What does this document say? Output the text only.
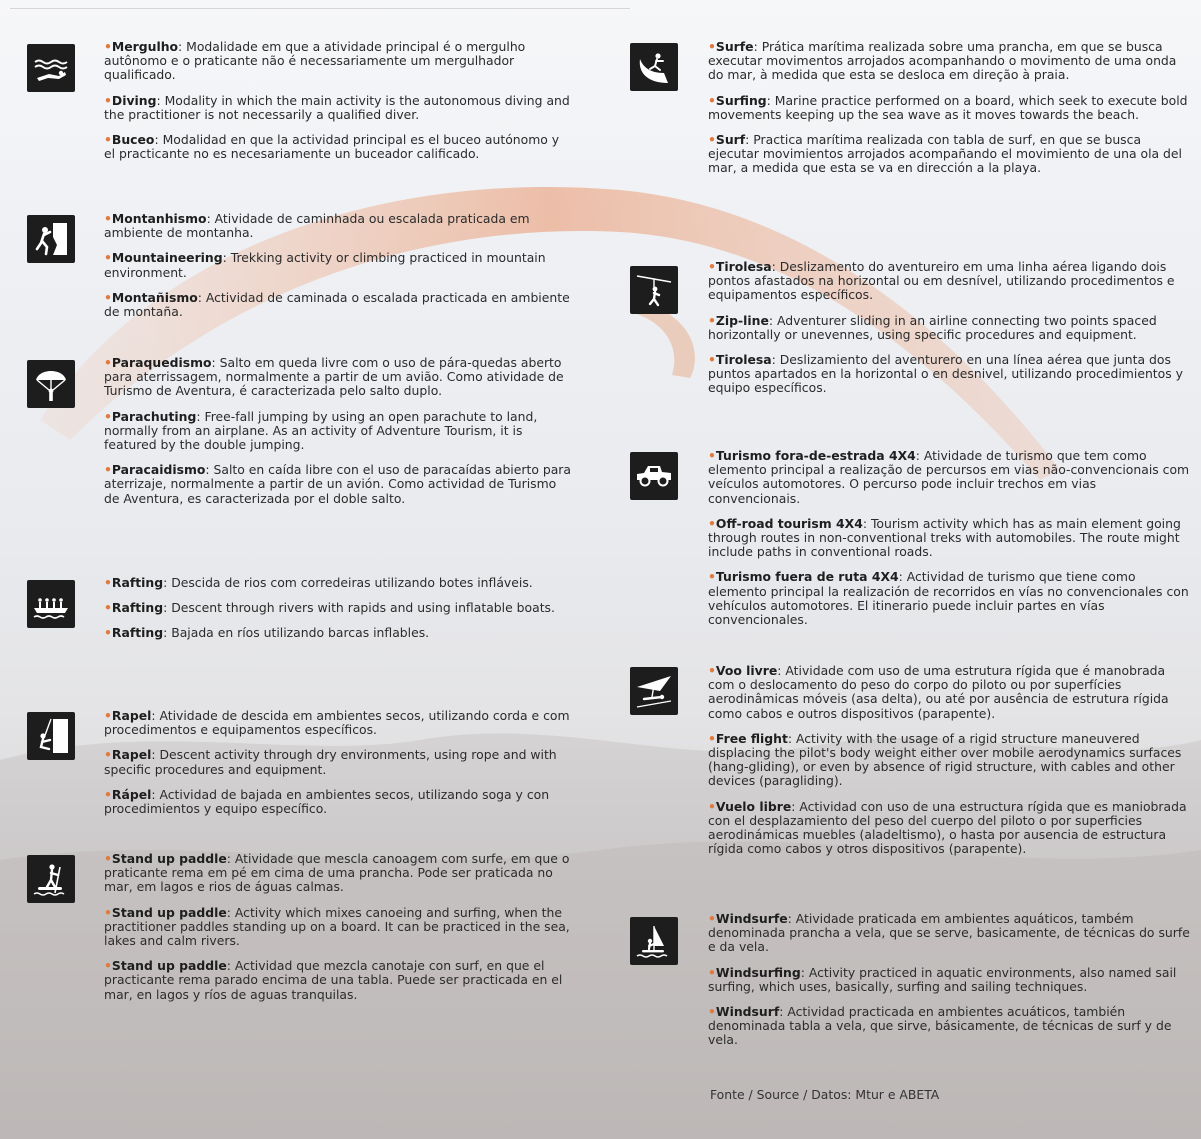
•Mergulho: Modalidade em que a atividade principal é o mergulho autônomo e o praticante não é necessariamente um mergulhador qualificado.

•Diving: Modality in which the main activity is the autonomous diving and the practitioner is not necessarily a qualified diver.

•Buceo: Modalidad en que la actividad principal es el buceo autónomo y el practicante no es necesariamente un buceador calificado.

•Montanhismo: Atividade de caminhada ou escalada praticada em ambiente de montanha.

•Mountaineering: Trekking activity or climbing practiced in mountain environment.

•Montañismo: Actividad de caminada o escalada practicada en ambiente de montaña.

•Paraquedismo: Salto em queda livre com o uso de pára-quedas aberto para aterrissagem, normalmente a partir de um avião. Como atividade de Turismo de Aventura, é caracterizada pelo salto duplo.

•Parachuting: Free-fall jumping by using an open parachute to land, normally from an airplane. As an activity of Adventure Tourism, it is featured by the double jumping.

•Paracaidismo: Salto en caída libre con el uso de paracaídas abierto para aterrizaje, normalmente a partir de un avión. Como actividad de Turismo de Aventura, es caracterizada por el doble salto.

•Rafting: Descida de rios com corredeiras utilizando botes infláveis.

•Rafting: Descent through rivers with rapids and using inflatable boats.

•Rafting: Bajada en ríos utilizando barcas inflables.

•Rapel: Atividade de descida em ambientes secos, utilizando corda e com procedimentos e equipamentos específicos.

•Rapel: Descent activity through dry environments, using rope and with specific procedures and equipment.

•Rápel: Actividad de bajada en ambientes secos, utilizando soga y con procedimientos y equipo específico.

•Stand up paddle: Atividade que mescla canoagem com surfe, em que o praticante rema em pé em cima de uma prancha. Pode ser praticada no mar, em lagos e rios de águas calmas.

•Stand up paddle: Activity which mixes canoeing and surfing, when the practitioner paddles standing up on a board. It can be practiced in the sea, lakes and calm rivers.

•Stand up paddle: Actividad que mezcla canotaje con surf, en que el practicante rema parado encima de una tabla. Puede ser practicada en el mar, en lagos y ríos de aguas tranquilas.

•Surfe: Prática marítima realizada sobre uma prancha, em que se busca executar movimentos arrojados acompanhando o movimento de uma onda do mar, à medida que esta se desloca em direção à praia.

•Surfing: Marine practice performed on a board, which seek to execute bold movements keeping up the sea wave as it moves towards the beach.

•Surf: Practica marítima realizada con tabla de surf, en que se busca ejecutar movimientos arrojados acompañando el movimiento de una ola del mar, a medida que esta se va en dirección a la playa.

•Tirolesa: Deslizamento do aventureiro em uma linha aérea ligando dois pontos afastados na horizontal ou em desnível, utilizando procedimentos e equipamentos específicos.

•Zip-line: Adventurer sliding in an airline connecting two points spaced horizontally or unevennes, using specific procedures and equipment.

•Tirolesa: Deslizamiento del aventurero en una línea aérea que junta dos puntos apartados en la horizontal o en desnivel, utilizando procedimientos y equipo específicos.

•Turismo fora-de-estrada 4X4: Atividade de turismo que tem como elemento principal a realização de percursos em vias não-convencionais com veículos automotores. O percurso pode incluir trechos em vias convencionais.

•Off-road tourism 4X4: Tourism activity which has as main element going through routes in non-conventional treks with automobiles. The route might include paths in conventional roads.

•Turismo fuera de ruta 4X4: Actividad de turismo que tiene como elemento principal la realización de recorridos en vías no convencionales con vehículos automotores. El itinerario puede incluir partes en vías convencionales.

•Voo livre: Atividade com uso de uma estrutura rígida que é manobrada com o deslocamento do peso do corpo do piloto ou por superfícies aerodinâmicas móveis (asa delta), ou até por ausência de estrutura rígida como cabos e outros dispositivos (parapente).

•Free flight: Activity with the usage of a rigid structure maneuvered displacing the pilot's body weight either over mobile aerodynamics surfaces (hang-gliding), or even by absence of rigid structure, with cables and other devices (paragliding).

•Vuelo libre: Actividad con uso de una estructura rígida que es maniobrada con el desplazamiento del peso del cuerpo del piloto o por superficies aerodinámicas muebles (aladeltismo), o hasta por ausencia de estructura rígida como cabos y otros dispositivos (parapente).

•Windsurfe: Atividade praticada em ambientes aquáticos, também denominada prancha a vela, que se serve, basicamente, de técnicas do surfe e da vela.

•Windsurfing: Activity practiced in aquatic environments, also named sail surfing, which uses, basically, surfing and sailing techniques.

•Windsurf: Actividad practicada en ambientes acuáticos, también denominada tabla a vela, que sirve, básicamente, de técnicas de surf y de vela.

Fonte / Source / Datos: Mtur e ABETA
